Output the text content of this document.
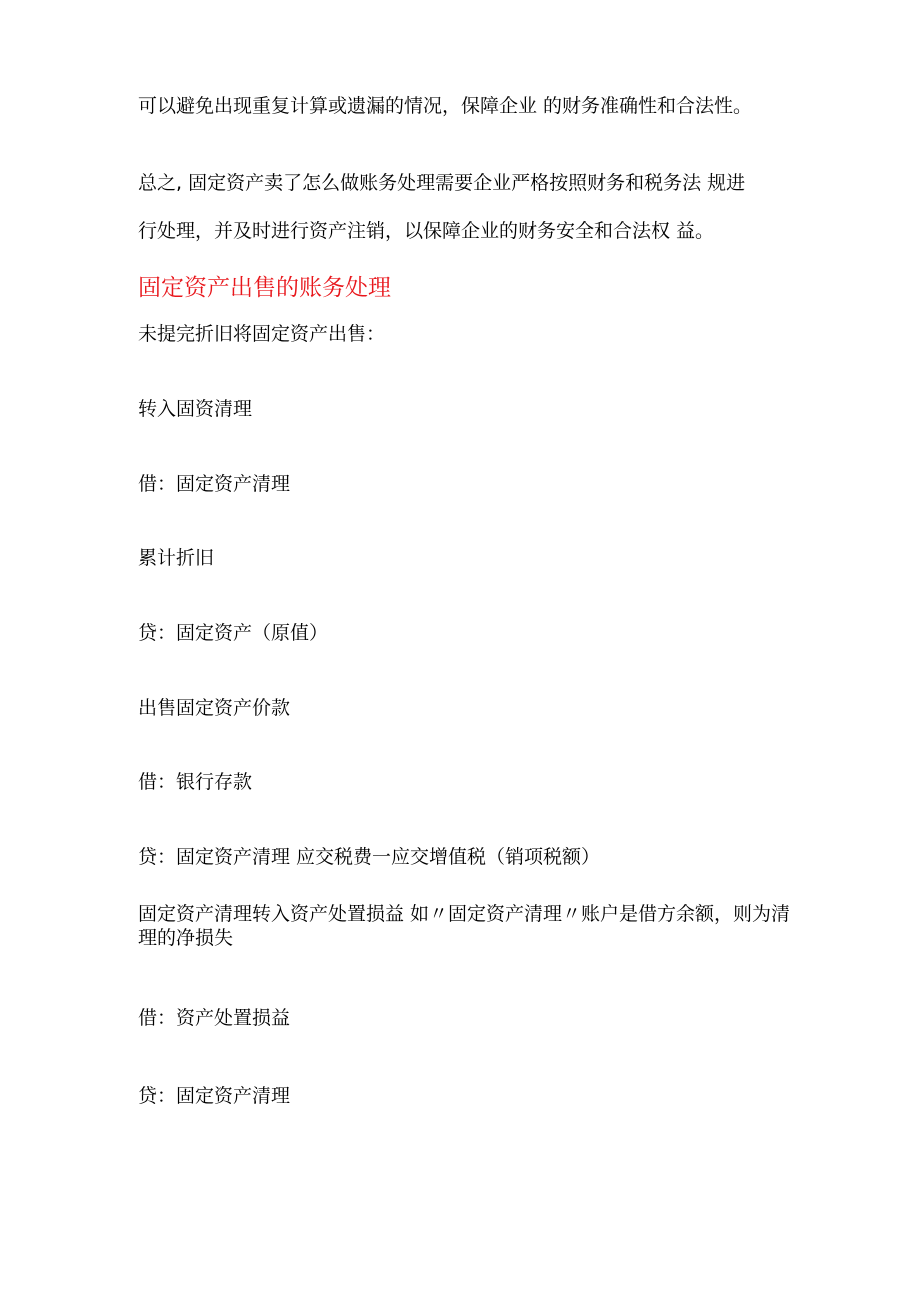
可以避免出现重复计算或遗漏的情况，保障企业 的财务准确性和合法性。
总之, 固定资产卖了怎么做账务处理需要企业严格按照财务和税务法 规进
行处理，并及时进行资产注销，以保障企业的财务安全和合法权 益。
固定资产出售的账务处理
未提完折旧将固定资产出售：
转入固资清理
借：固定资产清理
累计折旧
贷：固定资产（原值）
出售固定资产价款
借：银行存款
贷：固定资产清理 应交税费一应交增值税（销项税额）
固定资产清理转入资产处置损益 如〃固定资产清理〃账户是借方余额，则为清理的净损失
借：资产处置损益
贷：固定资产清理
